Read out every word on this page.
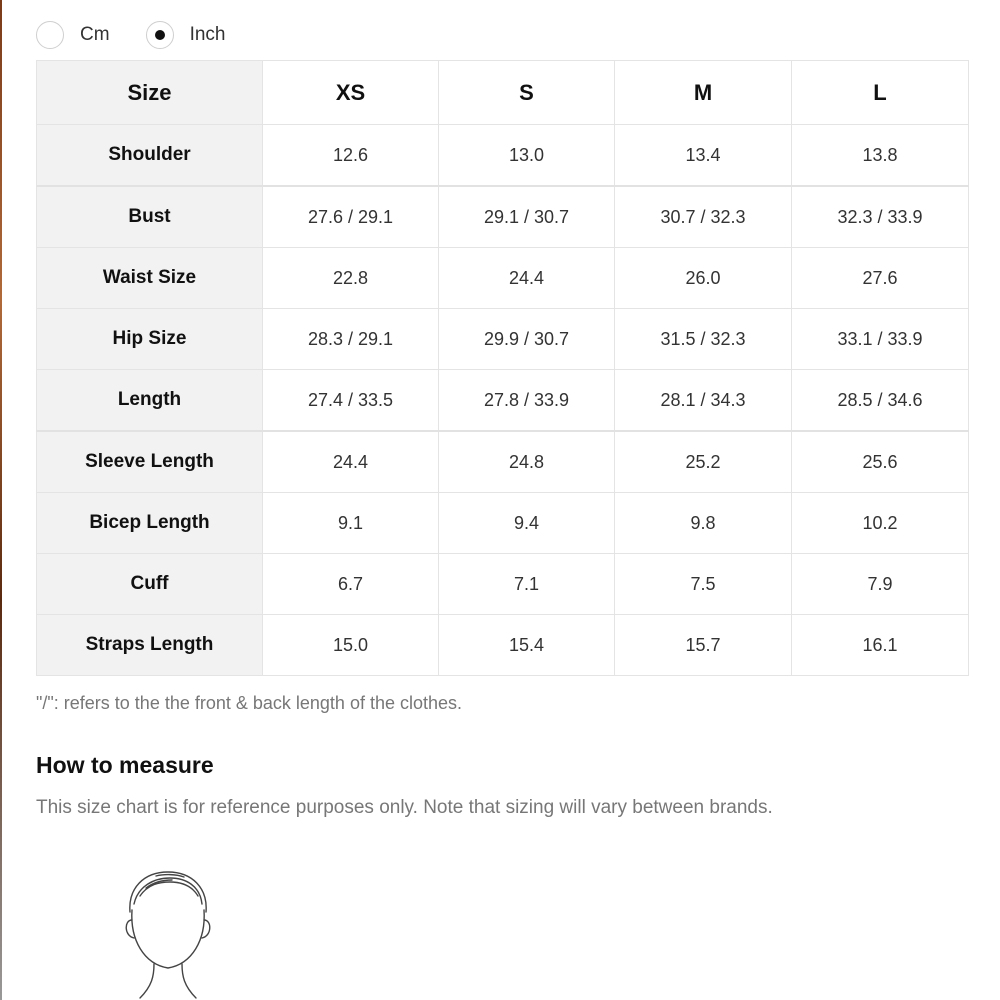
Cm	Inch
Size	XS	S	M	L
Shoulder	12.6	13.0	13.4	13.8
Bust	27.6 / 29.1	29.1 / 30.7	30.7 / 32.3	32.3 / 33.9
Waist Size	22.8	24.4	26.0	27.6
Hip Size	28.3 / 29.1	29.9 / 30.7	31.5 / 32.3	33.1 / 33.9
Length	27.4 / 33.5	27.8 / 33.9	28.1 / 34.3	28.5 / 34.6
Sleeve Length	24.4	24.8	25.2	25.6
Bicep Length	9.1	9.4	9.8	10.2
Cuff	6.7	7.1	7.5	7.9
Straps Length	15.0	15.4	15.7	16.1
"/": refers to the the front & back length of the clothes.
How to measure
This size chart is for reference purposes only. Note that sizing will vary between brands.
